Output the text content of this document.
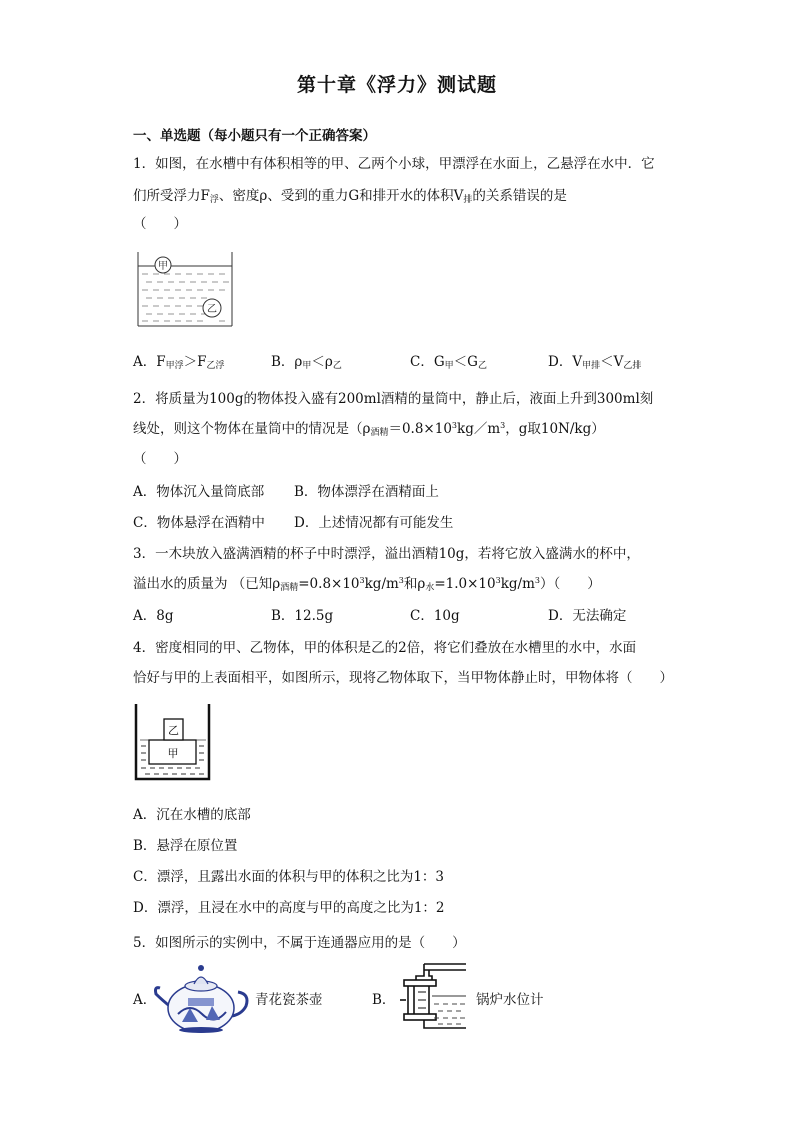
第十章《浮力》测试题
一、单选题（每小题只有一个正确答案）
1．如图，在水槽中有体积相等的甲、乙两个小球，甲漂浮在水面上，乙悬浮在水中．它
们所受浮力$F_浮$、密度ρ、受到的重力G和排开水的体积$V_排$的关系错误的是
（　　）
甲
乙
A．$F_{甲浮}>F_{乙浮}$	B．$\rho_甲<\rho_乙$	C．$G_甲<G_乙$	D．$V_{甲排}<V_{乙排}$
2．将质量为100g的物体投入盛有200ml酒精的量筒中，静止后，液面上升到300ml刻
线处，则这个物体在量筒中的情况是（$\rho_{酒精}=0.8\times 10^3kg/m^3$，g取10N/kg）
（　　）
A．物体沉入量筒底部 B．物体漂浮在酒精面上
C．物体悬浮在酒精中 D．上述情况都有可能发生
3．一木块放入盛满酒精的杯子中时漂浮，溢出酒精10g，若将它放入盛满水的杯中，
溢出水的质量为 （已知$\rho_{酒精}=0.8\times 10^3kg/m^3$和$\rho_水=1.0\times 10^3kg/m^3$）（　　）
A．8g	B．12.5g	C．10g	D．无法确定
4．密度相同的甲、乙物体，甲的体积是乙的2倍，将它们叠放在水槽里的水中，水面
恰好与甲的上表面相平，如图所示，现将乙物体取下，当甲物体静止时，甲物体将（　　）
甲
乙
A．沉在水槽的底部
B．悬浮在原位置
C．漂浮，且露出水面的体积与甲的体积之比为1：3
D．漂浮，且浸在水中的高度与甲的高度之比为1：2
5．如图所示的实例中，不属于连通器应用的是（　　）
A．	青花瓷茶壶	B．	锅炉水位计
